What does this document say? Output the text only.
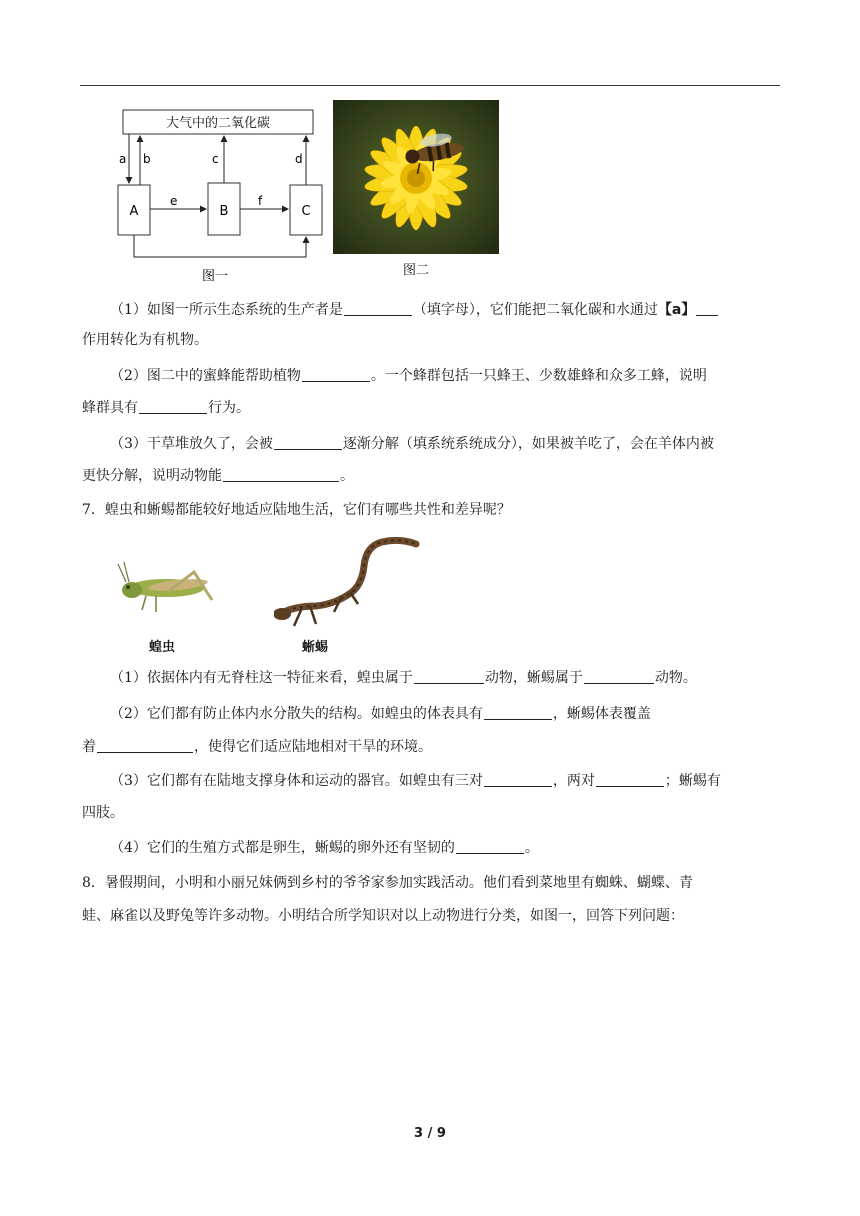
大气中的二氧化碳
A	B	C
a b	c	d
e	f
图一	图二
（1）如图一所示生态系统的生产者是	（填字母），它们能把二氧化碳和水通过【a】
作用转化为有机物。
（2）图二中的蜜蜂能帮助植物	。一个蜂群包括一只蜂王、少数雄蜂和众多工蜂，说明
蜂群具有	行为。
（3）干草堆放久了，会被	逐渐分解（填系统系统成分），如果被羊吃了，会在羊体内被
更快分解，说明动物能	。
7．蝗虫和蜥蜴都能较好地适应陆地生活，它们有哪些共性和差异呢？
蝗虫	蜥蜴
（1）依据体内有无脊柱这一特征来看，蝗虫属于	动物，蜥蜴属于	动物。
（2）它们都有防止体内水分散失的结构。如蝗虫的体表具有	，蜥蜴体表覆盖
着	，使得它们适应陆地相对干旱的环境。
（3）它们都有在陆地支撑身体和运动的器官。如蝗虫有三对	，两对	；蜥蜴有
四肢。
（4）它们的生殖方式都是卵生，蜥蜴的卵外还有坚韧的	。
8．暑假期间，小明和小丽兄妹俩到乡村的爷爷家参加实践活动。他们看到菜地里有蜘蛛、蝴蝶、青
蛙、麻雀以及野兔等许多动物。小明结合所学知识对以上动物进行分类，如图一，回答下列问题：
3 / 9
